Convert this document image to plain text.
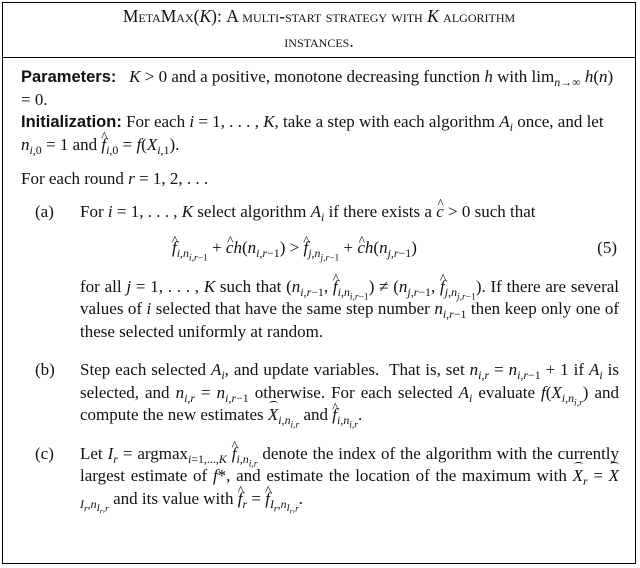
MetaMax(K): A multi-start strategy with K algorithm
instances.

Parameters: K > 0 and a positive, monotone decreasing function h with $\lim_{n\to\infty} h(n) = 0$.

Initialization: For each i = 1, . . . , K, take a step with each algorithm $A_i$ once, and let $n_{i,0} = 1$ and f $\^{}_{i,0} = f(X_{i,1})$.

For each round r = 1, 2, . . .

(a)	For i = 1, . . . , K select algorithm $A_i$ if there exists a c ^ > 0 such that
f $\^{}_{i,n_{i,r-1}} + c$ $\^{}h(n_{i,r-1}) > f$ $\^{}_{j,n_{j,r-1}} + c$ $\^{}h(n_{j,r-1})$	(5)
for all j = 1, . . . , K such that ($n_{i,r-1}$, f $\^{}_{i,n_{i,r-1}}) \ne (n_{j,r-1}$, f $\^{}_{j,n_{j,r-1}}$). If there are several values of i selected that have the same step number $n_{i,r-1}$ then keep only one of these selected uniformly at random.
(b)	Step each selected $A_i$, and update variables.  That is, set $n_{i,r} = n_{i,r-1} + 1$ if $A_i$ is selected, and $n_{i,r} = n_{i,r-1}$ otherwise. For each selected $A_i$ evaluate $f(X_{i,n_{i,r}})$ and compute the new estimates $X_{i,n_{i,r}}$ and f $\^{}_{i,n_{i,r}}$.
(c)	Let $I_r = argmax_{i=1,...,K}$ f $\^{}_{i,n_{i,r}}$ denote the index of the algorithm with the currently largest estimate of f*, and estimate the location of the maximum with $X_r = X_{I_r,n_{I_r,r}}$ and its value with f $\^{}_r = f$ $\^{}_{I_r,n_{I_r,r}}$.
